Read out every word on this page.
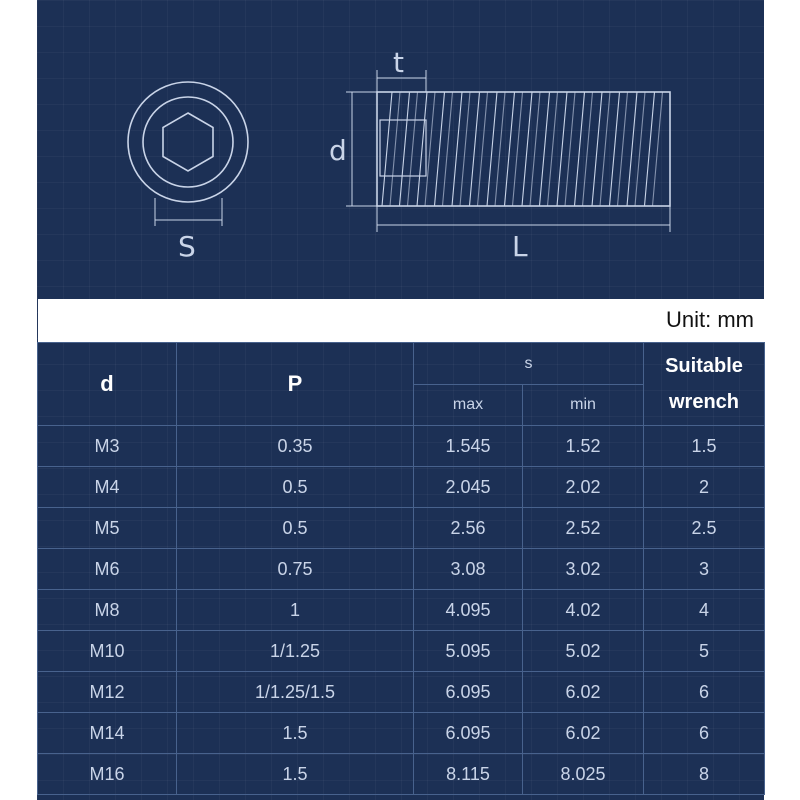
t
d
S	L
Unit: mm
d	P	s		Suitable
wrench
		max	min	
M3	0.35	1.545	1.52	1.5
M4	0.5	2.045	2.02	2
M5	0.5	2.56	2.52	2.5
M6	0.75	3.08	3.02	3
M8	1	4.095	4.02	4
M10	1/1.25	5.095	5.02	5
M12	1/1.25/1.5	6.095	6.02	6
M14	1.5	6.095	6.02	6
M16	1.5	8.115	8.025	8
